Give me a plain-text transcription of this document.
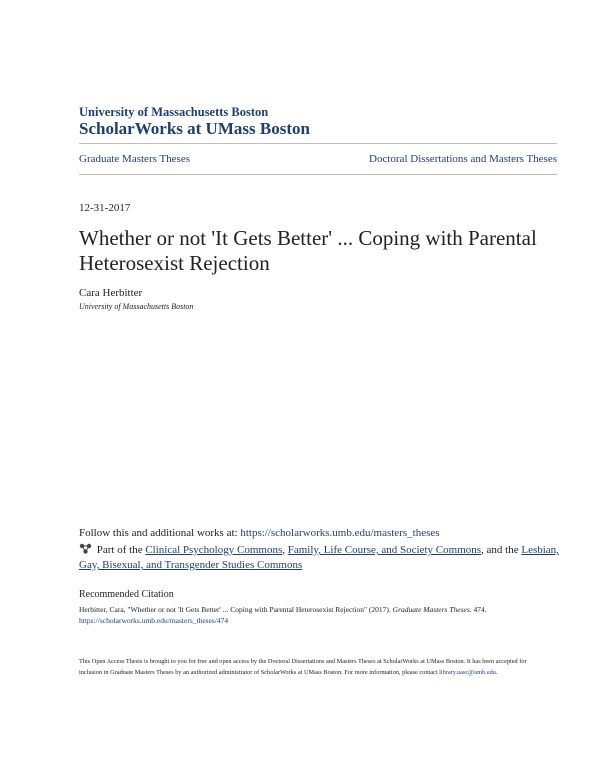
University of Massachusetts Boston
ScholarWorks at UMass Boston
Graduate Masters Theses	Doctoral Dissertations and Masters Theses
12-31-2017
Whether or not 'It Gets Better' ... Coping with Parental Heterosexist Rejection
Cara Herbitter
University of Massachusetts Boston
Follow this and additional works at: https://scholarworks.umb.edu/masters_theses
Part of the Clinical Psychology Commons, Family, Life Course, and Society Commons, and the Lesbian, Gay, Bisexual, and Transgender Studies Commons
Recommended Citation
Herbitter, Cara, "Whether or not 'It Gets Better' ... Coping with Parental Heterosexist Rejection" (2017). Graduate Masters Theses. 474.
https://scholarworks.umb.edu/masters_theses/474
This Open Access Thesis is brought to you for free and open access by the Doctoral Dissertations and Masters Theses at ScholarWorks at UMass Boston. It has been accepted for inclusion in Graduate Masters Theses by an authorized administrator of ScholarWorks at UMass Boston. For more information, please contact library.uasc@umb.edu.
